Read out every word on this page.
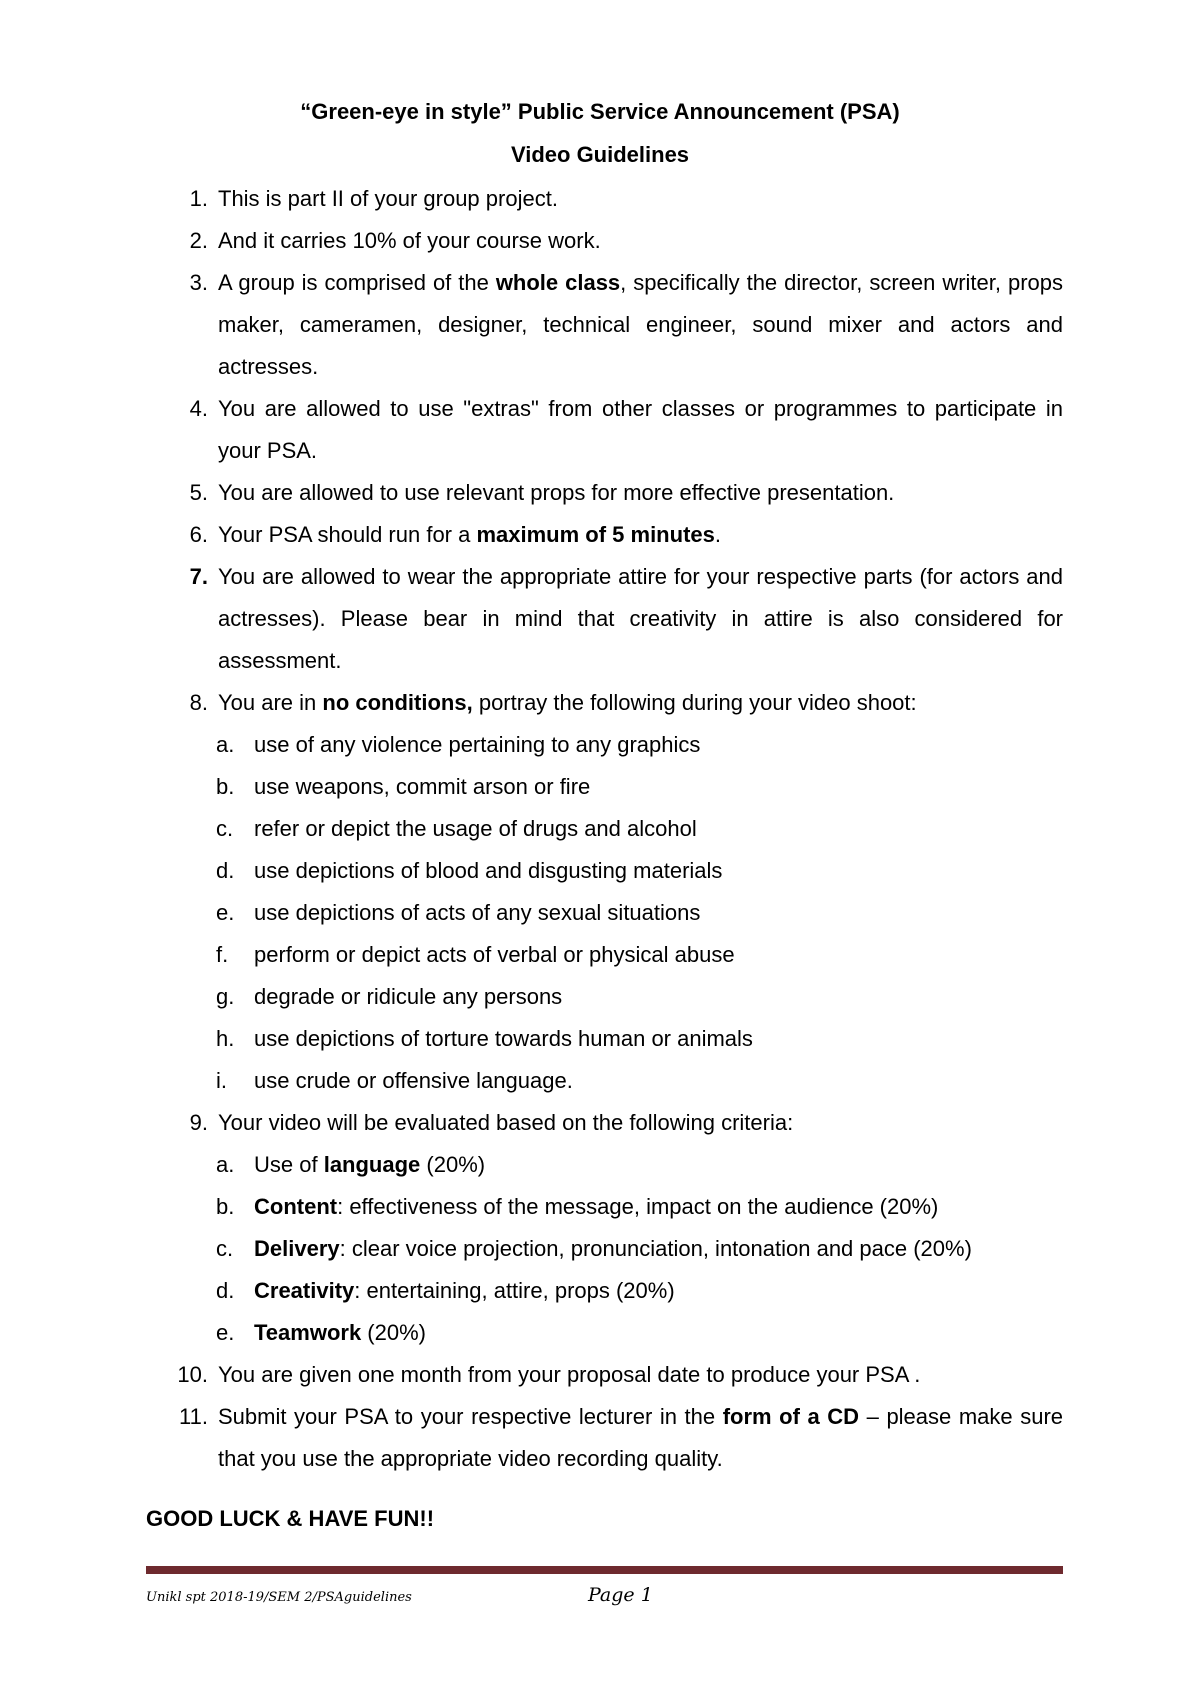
“Green-eye in style” Public Service Announcement (PSA)
Video Guidelines
1. This is part II of your group project.
2. And it carries 10% of your course work.
3. A group is comprised of the whole class, specifically the director, screen writer, props maker, cameramen, designer, technical engineer, sound mixer and actors and actresses.
4. You are allowed to use "extras" from other classes or programmes to participate in your PSA.
5. You are allowed to use relevant props for more effective presentation.
6. Your PSA should run for a maximum of 5 minutes.
7. You are allowed to wear the appropriate attire for your respective parts (for actors and actresses). Please bear in mind that creativity in attire is also considered for assessment.
8. You are in no conditions, portray the following during your video shoot:
a. use of any violence pertaining to any graphics
b. use weapons, commit arson or fire
c. refer or depict the usage of drugs and alcohol
d. use depictions of blood and disgusting materials
e. use depictions of acts of any sexual situations
f.	perform or depict acts of verbal or physical abuse
g. degrade or ridicule any persons
h. use depictions of torture towards human or animals
i.	use crude or offensive language.
9. Your video will be evaluated based on the following criteria:
a. Use of language (20%)
b. Content: effectiveness of the message, impact on the audience (20%)
c. Delivery: clear voice projection, pronunciation, intonation and pace (20%)
d. Creativity: entertaining, attire, props (20%)
e. Teamwork (20%)
10. You are given one month from your proposal date to produce your PSA .
11. Submit your PSA to your respective lecturer in the form of a CD – please make sure that you use the appropriate video recording quality.
GOOD LUCK & HAVE FUN!!
Unikl spt 2018-19/SEM 2/PSAguidelines	Page 1
